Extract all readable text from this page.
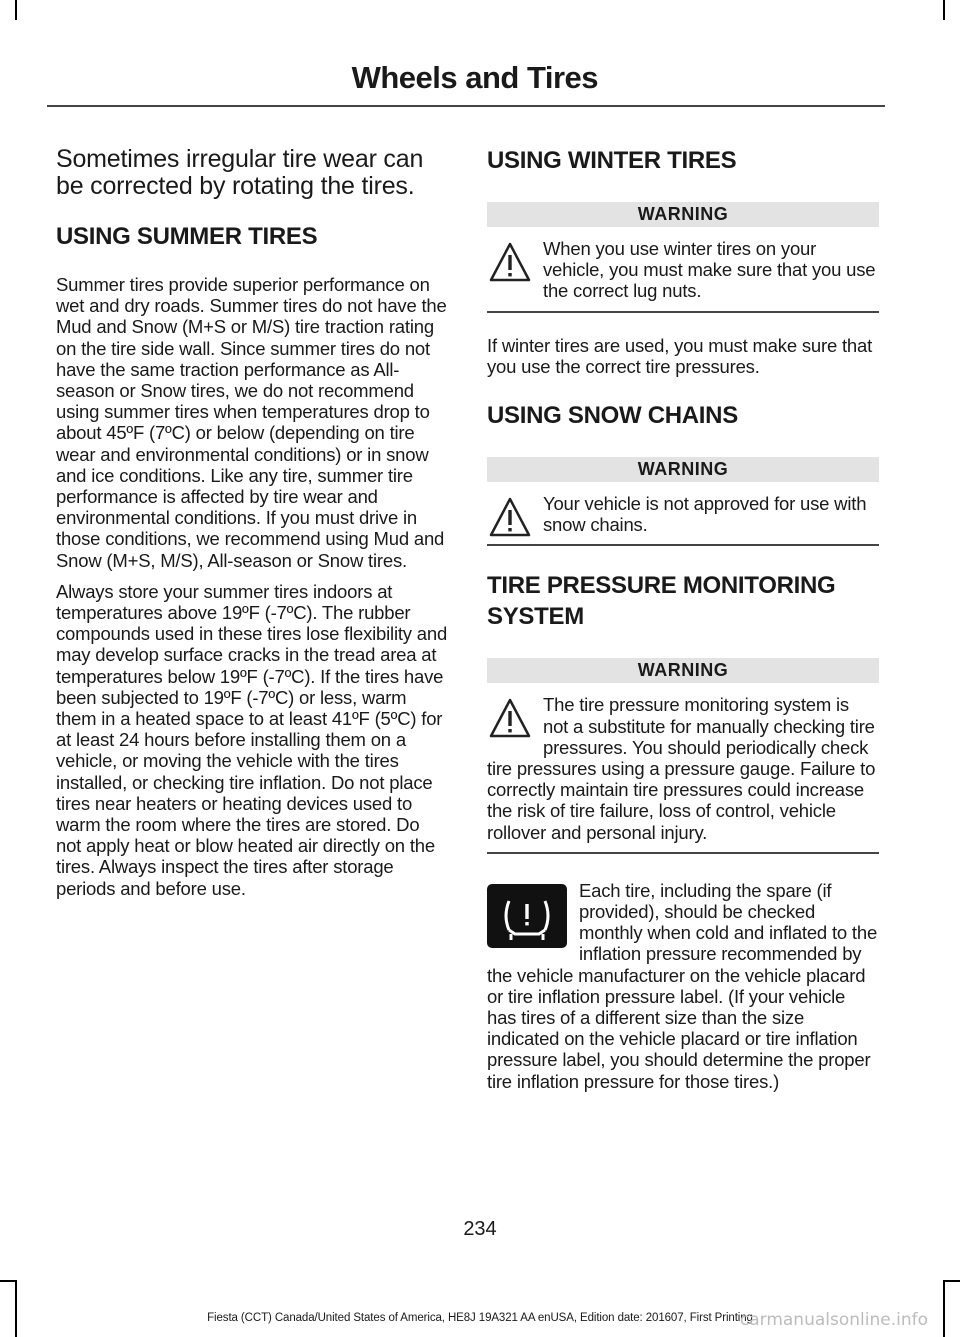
Wheels and Tires

Sometimes irregular tire wear can be corrected by rotating the tires.

USING SUMMER TIRES

Summer tires provide superior performance on wet and dry roads. Summer tires do not have the Mud and Snow (M+S or M/S) tire traction rating on the tire side wall. Since summer tires do not have the same traction performance as All-season or Snow tires, we do not recommend using summer tires when temperatures drop to about 45ºF (7ºC) or below (depending on tire wear and environmental conditions) or in snow and ice conditions. Like any tire, summer tire performance is affected by tire wear and environmental conditions. If you must drive in those conditions, we recommend using Mud and Snow (M+S, M/S), All-season or Snow tires.

Always store your summer tires indoors at temperatures above 19ºF (-7ºC). The rubber compounds used in these tires lose flexibility and may develop surface cracks in the tread area at temperatures below 19ºF (-7ºC). If the tires have been subjected to 19ºF (-7ºC) or less, warm them in a heated space to at least 41ºF (5ºC) for at least 24 hours before installing them on a vehicle, or moving the vehicle with the tires installed, or checking tire inflation. Do not place tires near heaters or heating devices used to warm the room where the tires are stored. Do not apply heat or blow heated air directly on the tires. Always inspect the tires after storage periods and before use.

USING WINTER TIRES
WARNING
When you use winter tires on your vehicle, you must make sure that you use the correct lug nuts.

If winter tires are used, you must make sure that you use the correct tire pressures.

USING SNOW CHAINS
WARNING
Your vehicle is not approved for use with snow chains.
TIRE PRESSURE MONITORING SYSTEM
WARNING
The tire pressure monitoring system is not a substitute for manually checking tire pressures. You should periodically check tire pressures using a pressure gauge. Failure to correctly maintain tire pressures could increase the risk of tire failure, loss of control, vehicle rollover and personal injury.

Each tire, including the spare (if provided), should be checked monthly when cold and inflated to the inflation pressure recommended by the vehicle manufacturer on the vehicle placard or tire inflation pressure label. (If your vehicle has tires of a different size than the size indicated on the vehicle placard or tire inflation pressure label, you should determine the proper tire inflation pressure for those tires.)

234
Fiesta (CCT) Canada/United States of America, HE8J 19A321 AA enUSA, Edition date: 201607, First Printing
carmanualsonline.info
